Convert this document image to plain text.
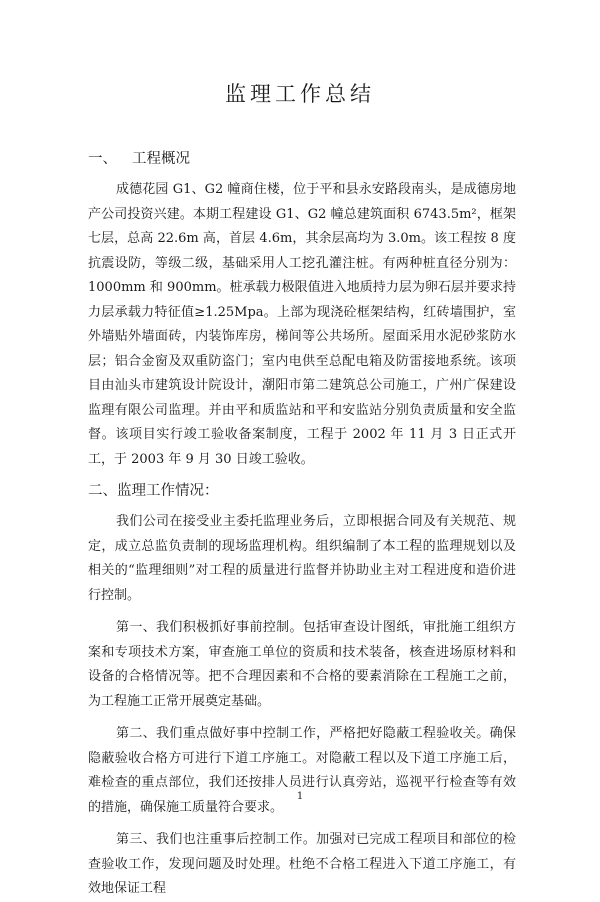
监理工作总结
一、 工程概况

成德花园 G1、G2 幢商住楼，位于平和县永安路段南头，是成德房地产公司投资兴建。本期工程建设 G1、G2 幢总建筑面积 6743.5m²，框架七层，总高 22.6m 高，首层 4.6m，其余层高均为 3.0m。该工程按 8 度抗震设防，等级二级，基础采用人工挖孔灌注桩。有两种桩直径分别为：1000mm 和 900mm。桩承载力极限值进入地质持力层为卵石层并要求持力层承载力特征值≥1.25Mpa。上部为现浇砼框架结构，红砖墙围护，室外墙贴外墙面砖，内装饰库房，梯间等公共场所。屋面采用水泥砂浆防水层；铝合金窗及双重防盗门；室内电供至总配电箱及防雷接地系统。该项目由汕头市建筑设计院设计，潮阳市第二建筑总公司施工，广州广保建设监理有限公司监理。并由平和质监站和平和安监站分别负责质量和安全监督。该项目实行竣工验收备案制度，工程于 2002 年 11 月 3 日正式开工，于 2003 年 9 月 30 日竣工验收。

二、监理工作情况：

我们公司在接受业主委托监理业务后，立即根据合同及有关规范、规定，成立总监负责制的现场监理机构。组织编制了本工程的监理规划以及相关的“监理细则”对工程的质量进行监督并协助业主对工程进度和造价进行控制。

第一、我们积极抓好事前控制。包括审查设计图纸，审批施工组织方案和专项技术方案，审查施工单位的资质和技术装备，核查进场原材料和设备的合格情况等。把不合理因素和不合格的要素消除在工程施工之前，为工程施工正常开展奠定基础。

第二、我们重点做好事中控制工作，严格把好隐蔽工程验收关。确保隐蔽验收合格方可进行下道工序施工。对隐蔽工程以及下道工序施工后，难检查的重点部位，我们还按排人员进行认真旁站，巡视平行检查等有效的措施，确保施工质量符合要求。

第三、我们也注重事后控制工作。加强对已完成工程项目和部位的检查验收工作，发现问题及时处理。杜绝不合格工程进入下道工序施工，有效地保证工程

1
